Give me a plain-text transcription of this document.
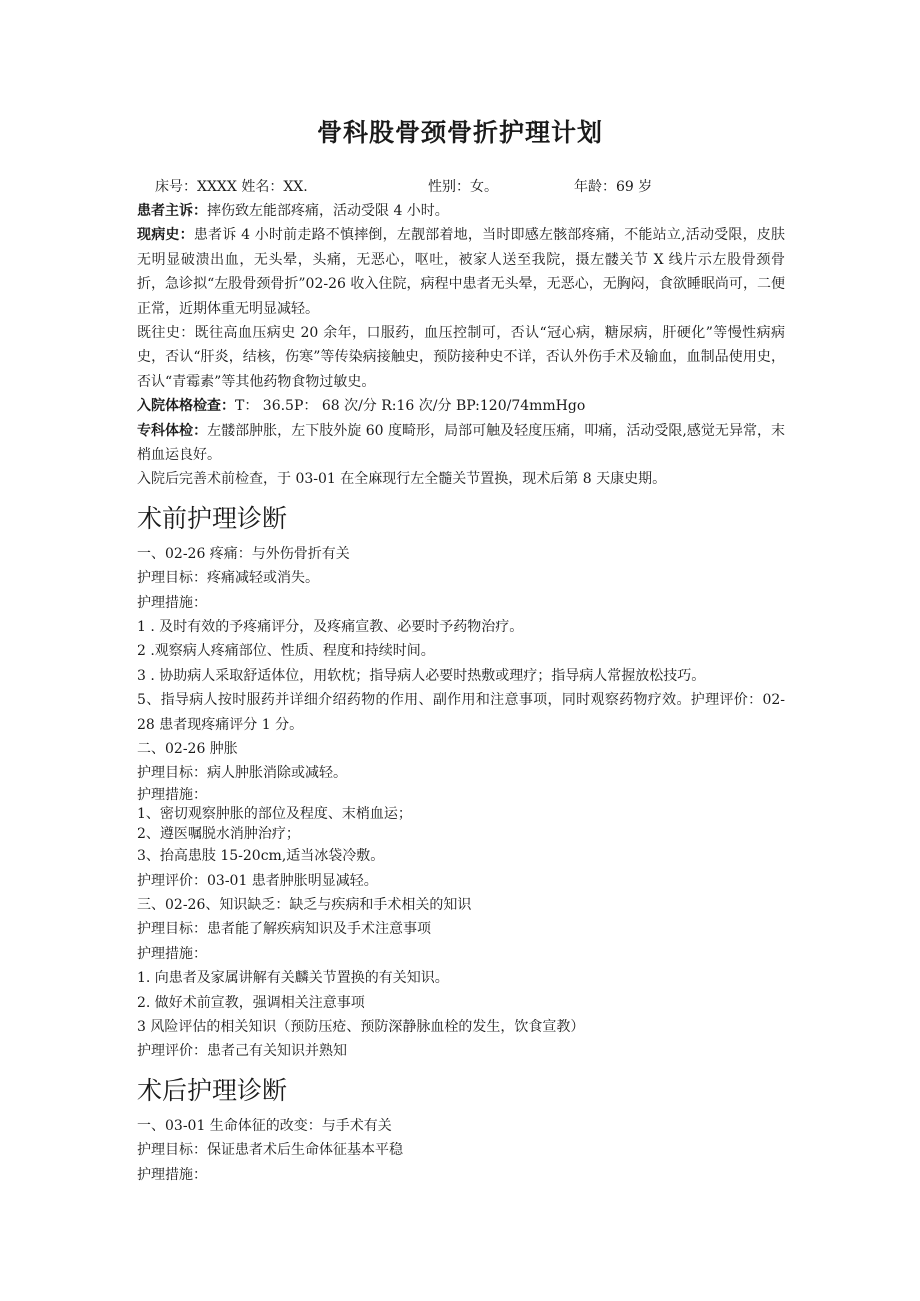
骨科股骨颈骨折护理计划
床号：XXXX 姓名：XX.	性别：女。	年龄：69 岁
患者主诉：摔伤致左能部疼痛，活动受限 4 小时。
现病史：患者诉 4 小时前走路不慎摔倒，左靓部着地，当时即感左骸部疼痛，不能站立,活动受限，皮肤无明显破溃出血，无头晕，头痛，无恶心，呕吐，被家人送至我院，摄左髅关节 X 线片示左股骨颈骨折，急诊拟“左股骨颈骨折”02-26 收入住院，病程中患者无头晕，无恶心，无胸闷，食欲睡眠尚可，二便正常，近期体重无明显减轻。
既往史：既往高血压病史 20 余年，口服药，血压控制可，否认“冠心病，糖尿病，肝硬化”等慢性病病史，否认“肝炎，结核，伤寒”等传染病接触史，预防接种史不详，否认外伤手术及输血，血制品使用史，否认“青霉素”等其他药物食物过敏史。
入院体格检查：T： 36.5P： 68 次/分 R:16 次/分 BP:120/74mmHgo
专科体检：左髅部肿胀，左下肢外旋 60 度畸形，局部可触及轻度压痛，叩痛，活动受限,感觉无异常，末梢血运良好。
入院后完善术前检查，于 03-01 在全麻现行左全髓关节置换，现术后第 8 天康史期。
术前护理诊断
一、02-26 疼痛：与外伤骨折有关
护理目标：疼痛减轻或消失。
护理措施：
1 . 及时有效的予疼痛评分，及疼痛宣教、必要时予药物治疗。
2 .观察病人疼痛部位、性质、程度和持续时间。
3 . 协助病人采取舒适体位，用软枕；指导病人必要时热敷或理疗；指导病人常握放松技巧。
5、指导病人按时服药并详细介绍药物的作用、副作用和注意事项，同时观察药物疗效。护理评价：02-28 患者现疼痛评分 1 分。
二、02-26 肿胀
护理目标：病人肿胀消除或减轻。
护理措施：
1、密切观察肿胀的部位及程度、末梢血运；
2、遵医嘱脱水消肿治疗；
3、抬高患肢 15-20cm,适当冰袋冷敷。
护理评价：03-01 患者肿胀明显减轻。
三、02-26、知识缺乏：缺乏与疾病和手术相关的知识
护理目标：患者能了解疾病知识及手术注意事项
护理措施：
1. 向患者及家属讲解有关麟关节置换的有关知识。
2. 做好术前宣教，强调相关注意事项
3 风险评估的相关知识（预防压疮、预防深静脉血栓的发生，饮食宣教）
护理评价：患者己有关知识并熟知
术后护理诊断
一、03-01 生命体征的改变：与手术有关
护理目标：保证患者术后生命体征基本平稳
护理措施：
